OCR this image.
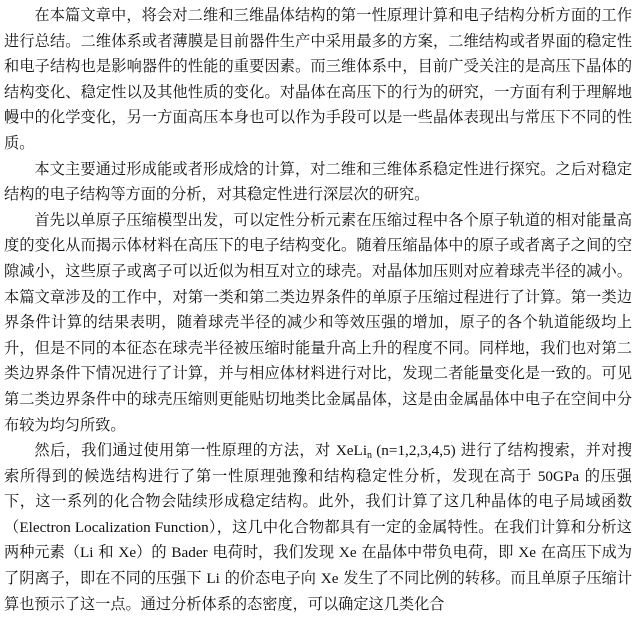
在本篇文章中，将会对二维和三维晶体结构的第一性原理计算和电子结构分析方面的工作进行总结。二维体系或者薄膜是目前器件生产中采用最多的方案，二维结构或者界面的稳定性和电子结构也是影响器件的性能的重要因素。而三维体系中，目前广受关注的是高压下晶体的结构变化、稳定性以及其他性质的变化。对晶体在高压下的行为的研究，一方面有利于理解地幔中的化学变化，另一方面高压本身也可以作为手段可以是一些晶体表现出与常压下不同的性质。

本文主要通过形成能或者形成焓的计算，对二维和三维体系稳定性进行探究。之后对稳定结构的电子结构等方面的分析，对其稳定性进行深层次的研究。

首先以单原子压缩模型出发，可以定性分析元素在压缩过程中各个原子轨道的相对能量高度的变化从而揭示体材料在高压下的电子结构变化。随着压缩晶体中的原子或者离子之间的空隙减小，这些原子或离子可以近似为相互对立的球壳。对晶体加压则对应着球壳半径的减小。本篇文章涉及的工作中，对第一类和第二类边界条件的单原子压缩过程进行了计算。第一类边界条件计算的结果表明，随着球壳半径的减少和等效压强的增加，原子的各个轨道能级均上升，但是不同的本征态在球壳半径被压缩时能量升高上升的程度不同。同样地，我们也对第二类边界条件下情况进行了计算，并与相应体材料进行对比，发现二者能量变化是一致的。可见第二类边界条件中的球壳压缩则更能贴切地类比金属晶体，这是由金属晶体中电子在空间中分布较为均匀所致。

然后，我们通过使用第一性原理的方法，对 XeLi$_n$ (n=1,2,3,4,5) 进行了结构搜索，并对搜索所得到的候选结构进行了第一性原理弛豫和结构稳定性分析，发现在高于 50GPa 的压强下，这一系列的化合物会陆续形成稳定结构。此外，我们计算了这几种晶体的电子局域函数（Electron Localization Function），这几中化合物都具有一定的金属特性。在我们计算和分析这两种元素（Li 和 Xe）的 Bader 电荷时，我们发现 Xe 在晶体中带负电荷，即 Xe 在高压下成为了阴离子，即在不同的压强下 Li 的价态电子向 Xe 发生了不同比例的转移。而且单原子压缩计算也预示了这一点。通过分析体系的态密度，可以确定这几类化合
